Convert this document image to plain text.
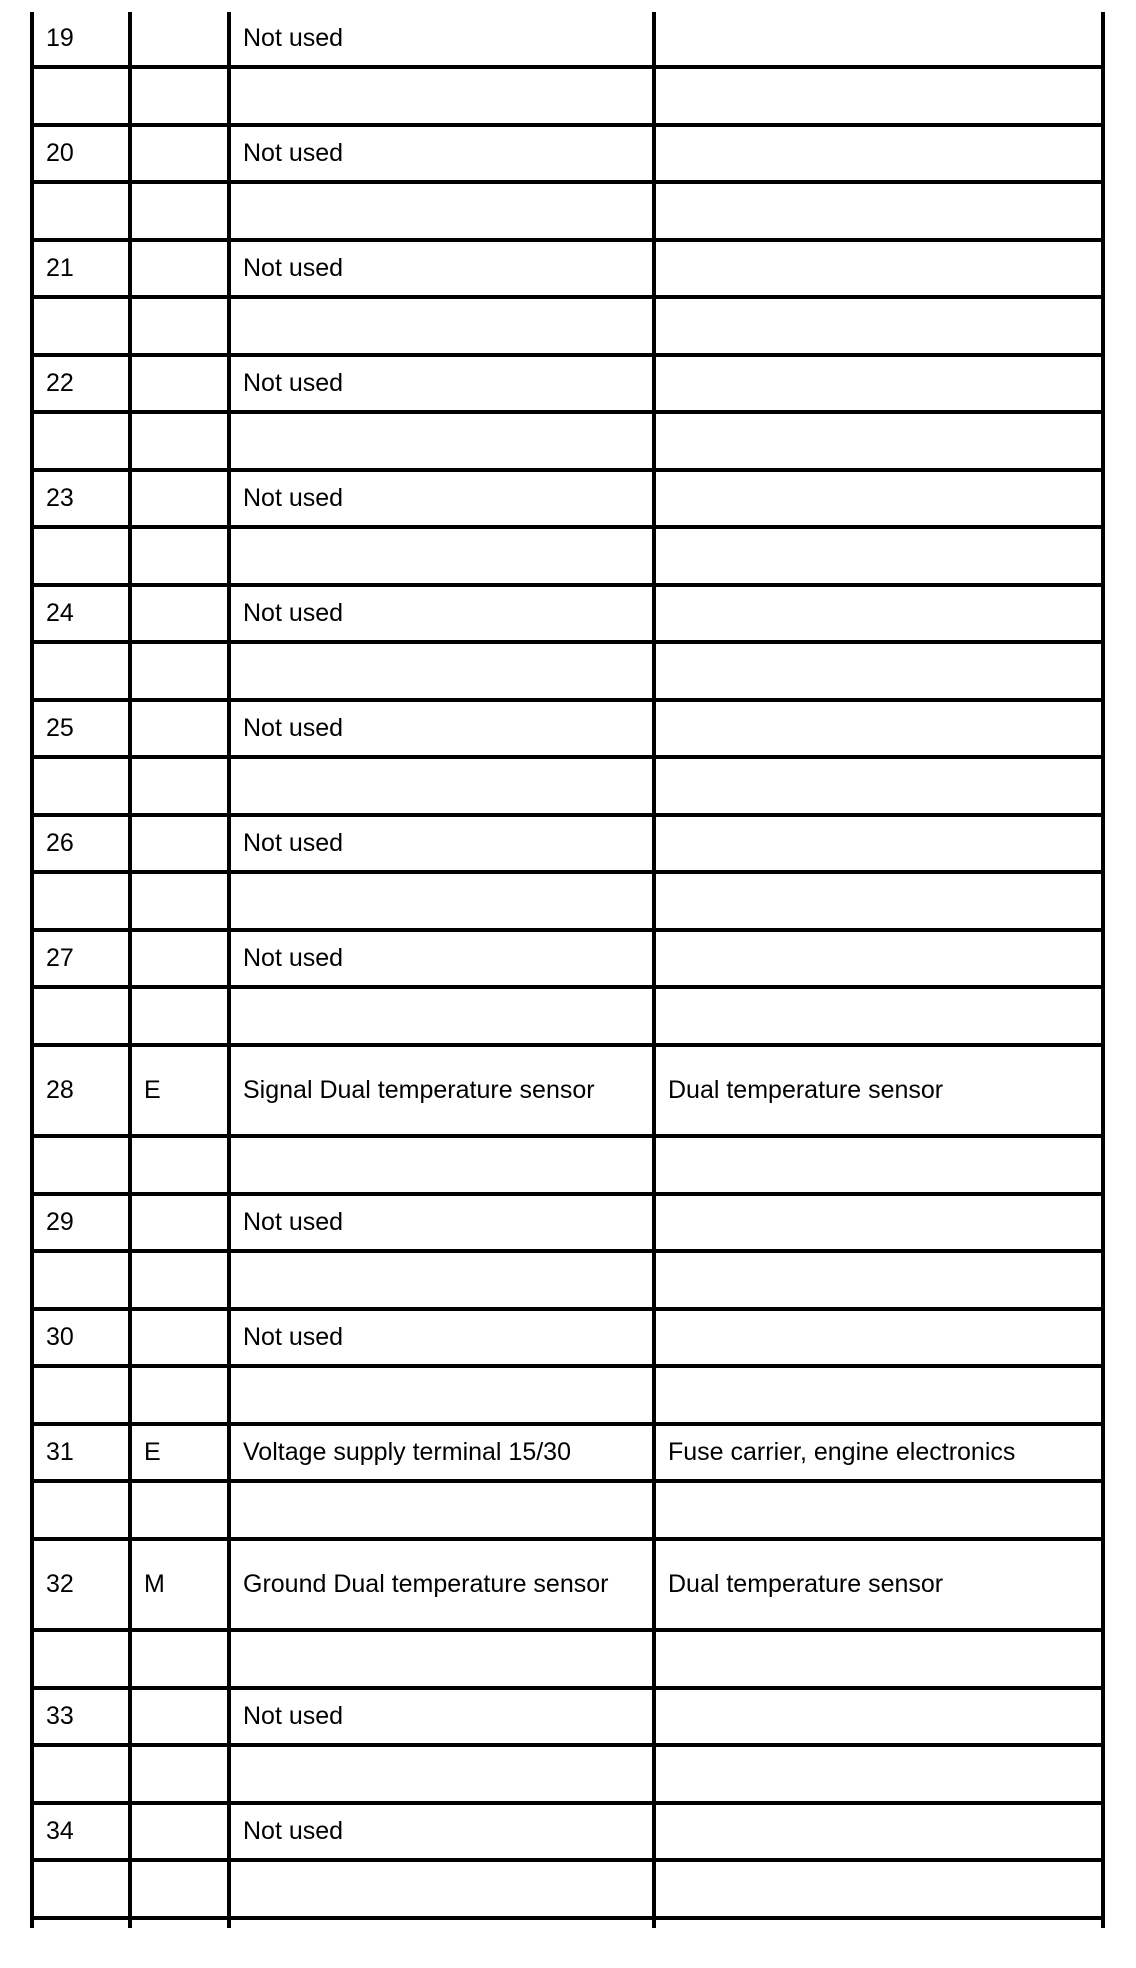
19	Not used
20	Not used
21	Not used
22	Not used
23	Not used
24	Not used
25	Not used
26	Not used
27	Not used
28	E	Signal Dual temperature sensor	Dual temperature sensor
29	Not used
30	Not used
31	E	Voltage supply terminal 15/30	Fuse carrier, engine electronics
32	M	Ground Dual temperature sensor	Dual temperature sensor
33	Not used
34	Not used
